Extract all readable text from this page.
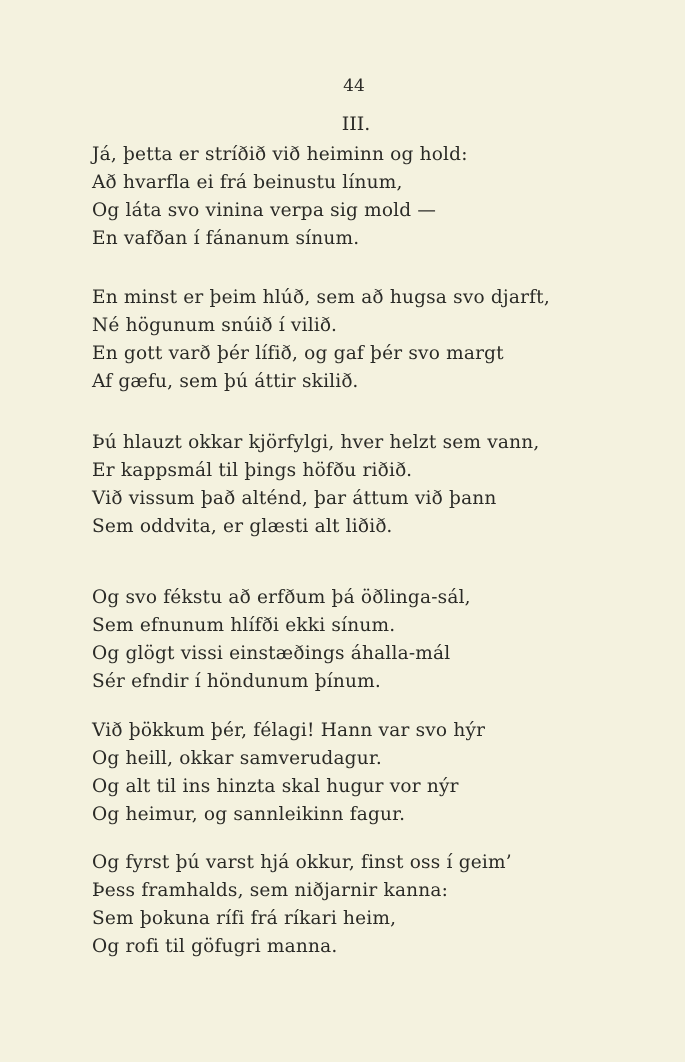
44
III.
Já, þetta er stríðið við heiminn og hold:
Að hvarfla ei frá beinustu línum,
Og láta svo vinina verpa sig mold —
En vafðan í fánanum sínum.
En minst er þeim hlúð, sem að hugsa svo djarft,
Né högunum snúið í vilið.
En gott varð þér lífið, og gaf þér svo margt
Af gæfu, sem þú áttir skilið.
Þú hlauzt okkar kjörfylgi, hver helzt sem vann,
Er kappsmál til þings höfðu riðið.
Við vissum það alténd, þar áttum við þann
Sem oddvita, er glæsti alt liðið.
Og svo fékstu að erfðum þá öðlinga-sál,
Sem efnunum hlífði ekki sínum.
Og glögt vissi einstæðings áhalla-mál
Sér efndir í höndunum þínum.
Við þökkum þér, félagi! Hann var svo hýr
Og heill, okkar samverudagur.
Og alt til ins hinzta skal hugur vor nýr
Og heimur, og sannleikinn fagur.
Og fyrst þú varst hjá okkur, finst oss í geim’
Þess framhalds, sem niðjarnir kanna:
Sem þokuna rífi frá ríkari heim,
Og rofi til göfugri manna.
